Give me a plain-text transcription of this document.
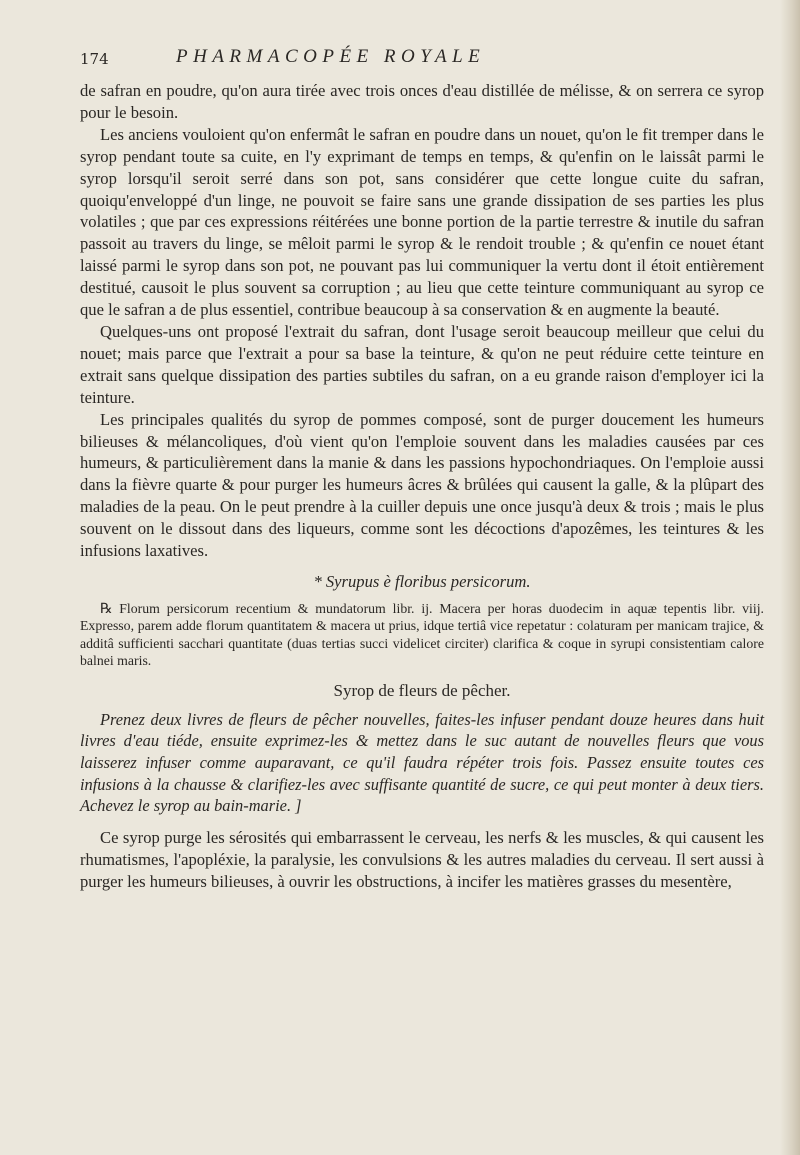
174	PHARMACOPÉE ROYALE

de safran en poudre, qu'on aura tirée avec trois onces d'eau distillée de mélisse, & on serrera ce syrop pour le besoin.

Les anciens vouloient qu'on enfermât le safran en poudre dans un nouet, qu'on le fit tremper dans le syrop pendant toute sa cuite, en l'y exprimant de temps en temps, & qu'enfin on le laissât parmi le syrop lorsqu'il seroit serré dans son pot, sans considérer que cette longue cuite du safran, quoiqu'enveloppé d'un linge, ne pouvoit se faire sans une grande dissipation de ses parties les plus volatiles ; que par ces expressions réitérées une bonne portion de la partie terrestre & inutile du safran passoit au travers du linge, se mêloit parmi le syrop & le rendoit trouble ; & qu'enfin ce nouet étant laissé parmi le syrop dans son pot, ne pouvant pas lui communiquer la vertu dont il étoit entièrement destitué, causoit le plus souvent sa corruption ; au lieu que cette teinture communiquant au syrop ce que le safran a de plus essentiel, contribue beaucoup à sa conservation & en augmente la beauté.

Quelques-uns ont proposé l'extrait du safran, dont l'usage seroit beaucoup meilleur que celui du nouet; mais parce que l'extrait a pour sa base la teinture, & qu'on ne peut réduire cette teinture en extrait sans quelque dissipation des parties subtiles du safran, on a eu grande raison d'employer ici la teinture.

Les principales qualités du syrop de pommes composé, sont de purger doucement les humeurs bilieuses & mélancoliques, d'où vient qu'on l'emploie souvent dans les maladies causées par ces humeurs, & particulièrement dans la manie & dans les passions hypochondriaques. On l'emploie aussi dans la fièvre quarte & pour purger les humeurs âcres & brûlées qui causent la galle, & la plûpart des maladies de la peau. On le peut prendre à la cuiller depuis une once jusqu'à deux & trois ; mais le plus souvent on le dissout dans des liqueurs, comme sont les décoctions d'apozêmes, les teintures & les infusions laxatives.

* Syrupus è floribus persicorum.

℞ Florum persicorum recentium & mundatorum libr. ij. Macera per horas duodecim in aquæ tepentis libr. viij. Expresso, parem adde florum quantitatem & macera ut prius, idque tertiâ vice repetatur : colaturam per manicam trajice, & additâ sufficienti sacchari quantitate (duas tertias succi videlicet circiter) clarifica & coque in syrupi consistentiam calore balnei maris.

Syrop de fleurs de pêcher.

Prenez deux livres de fleurs de pêcher nouvelles, faites-les infuser pendant douze heures dans huit livres d'eau tiéde, ensuite exprimez-les & mettez dans le suc autant de nouvelles fleurs que vous laisserez infuser comme auparavant, ce qu'il faudra répéter trois fois. Passez ensuite toutes ces infusions à la chausse & clarifiez-les avec suffisante quantité de sucre, ce qui peut monter à deux tiers. Achevez le syrop au bain-marie. ]

Ce syrop purge les sérosités qui embarrassent le cerveau, les nerfs & les muscles, & qui causent les rhumatismes, l'apopléxie, la paralysie, les convulsions & les autres maladies du cerveau. Il sert aussi à purger les humeurs bilieuses, à ouvrir les obstructions, à incifer les matières grasses du mesentère,
